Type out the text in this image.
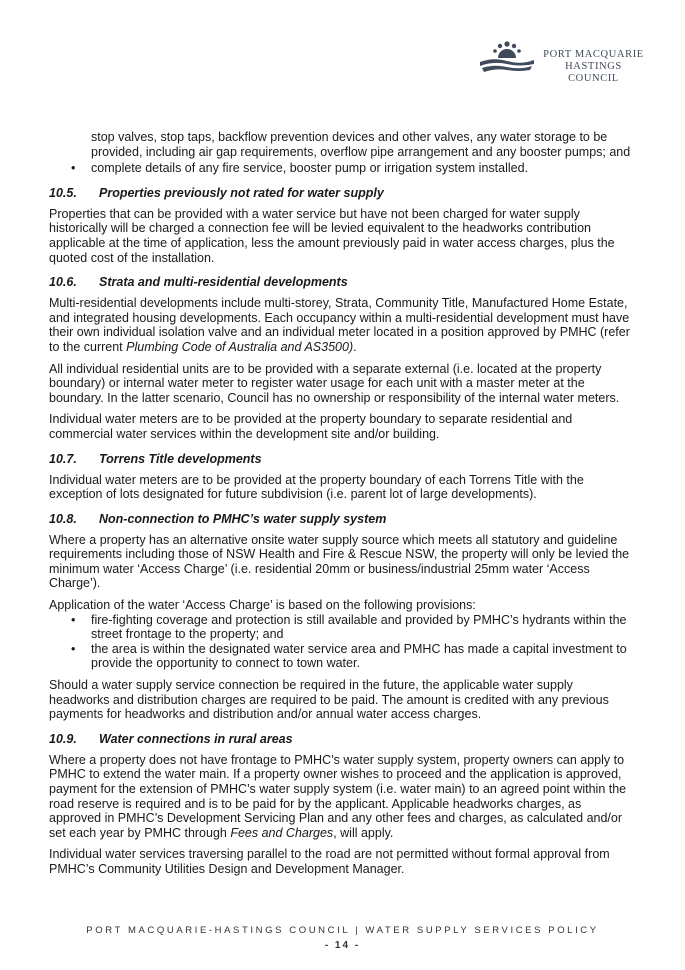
PORT MACQUARIE
HASTINGS COUNCIL
stop valves, stop taps, backflow prevention devices and other valves, any water storage to be provided, including air gap requirements, overflow pipe arrangement and any booster pumps; and
• complete details of any fire service, booster pump or irrigation system installed.
10.5. Properties previously not rated for water supply

Properties that can be provided with a water service but have not been charged for water supply historically will be charged a connection fee will be levied equivalent to the headworks contribution applicable at the time of application, less the amount previously paid in water access charges, plus the quoted cost of the installation.

10.6. Strata and multi-residential developments

Multi-residential developments include multi-storey, Strata, Community Title, Manufactured Home Estate, and integrated housing developments. Each occupancy within a multi-residential development must have their own individual isolation valve and an individual meter located in a position approved by PMHC (refer to the current Plumbing Code of Australia and AS3500).

All individual residential units are to be provided with a separate external (i.e. located at the property boundary) or internal water meter to register water usage for each unit with a master meter at the boundary. In the latter scenario, Council has no ownership or responsibility of the internal water meters.

Individual water meters are to be provided at the property boundary to separate residential and commercial water services within the development site and/or building.

10.7. Torrens Title developments

Individual water meters are to be provided at the property boundary of each Torrens Title with the exception of lots designated for future subdivision (i.e. parent lot of large developments).

10.8. Non-connection to PMHC’s water supply system

Where a property has an alternative onsite water supply source which meets all statutory and guideline requirements including those of NSW Health and Fire & Rescue NSW, the property will only be levied the minimum water ‘Access Charge’ (i.e. residential 20mm or business/industrial 25mm water ‘Access Charge’).

Application of the water ‘Access Charge’ is based on the following provisions:

• fire-fighting coverage and protection is still available and provided by PMHC’s hydrants within the street frontage to the property; and
• the area is within the designated water service area and PMHC has made a capital investment to provide the opportunity to connect to town water.

Should a water supply service connection be required in the future, the applicable water supply headworks and distribution charges are required to be paid. The amount is credited with any previous payments for headworks and distribution and/or annual water access charges.

10.9. Water connections in rural areas

Where a property does not have frontage to PMHC’s water supply system, property owners can apply to PMHC to extend the water main. If a property owner wishes to proceed and the application is approved, payment for the extension of PMHC’s water supply system (i.e. water main) to an agreed point within the road reserve is required and is to be paid for by the applicant. Applicable headworks charges, as approved in PMHC’s Development Servicing Plan and any other fees and charges, as calculated and/or set each year by PMHC through Fees and Charges, will apply.

Individual water services traversing parallel to the road are not permitted without formal approval from PMHC’s Community Utilities Design and Development Manager.

PORT MACQUARIE-HASTINGS COUNCIL | WATER SUPPLY SERVICES POLICY
- 14 -
